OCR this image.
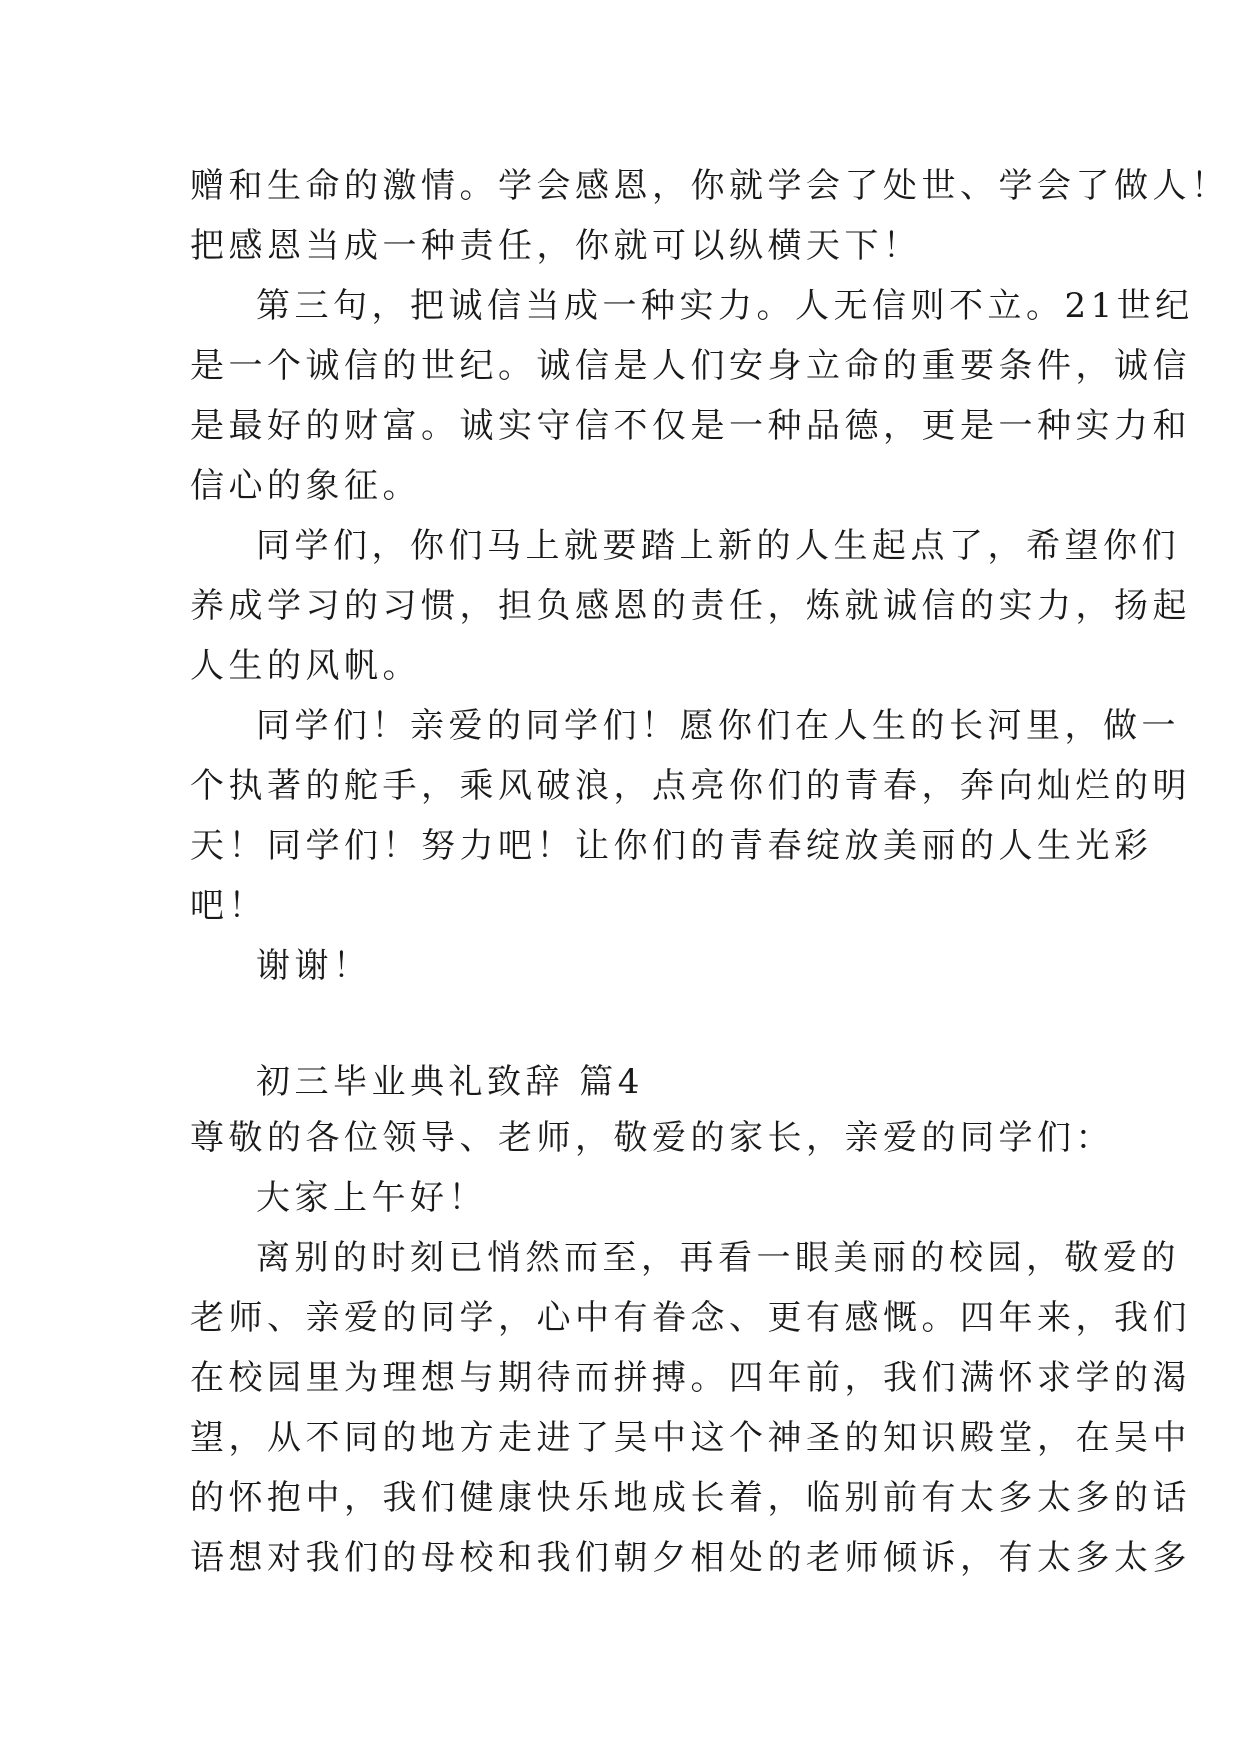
赠和生命的激情。学会感恩，你就学会了处世、学会了做人！
把感恩当成一种责任，你就可以纵横天下！
第三句，把诚信当成一种实力。人无信则不立。21世纪
是一个诚信的世纪。诚信是人们安身立命的重要条件，诚信
是最好的财富。诚实守信不仅是一种品德，更是一种实力和
信心的象征。
同学们，你们马上就要踏上新的人生起点了，希望你们
养成学习的习惯，担负感恩的责任，炼就诚信的实力，扬起
人生的风帆。
同学们！亲爱的同学们！愿你们在人生的长河里，做一
个执著的舵手，乘风破浪，点亮你们的青春，奔向灿烂的明
天！同学们！努力吧！让你们的青春绽放美丽的人生光彩
吧！
谢谢！
初三毕业典礼致辞 篇4
尊敬的各位领导、老师，敬爱的家长，亲爱的同学们：
大家上午好！
离别的时刻已悄然而至，再看一眼美丽的校园，敬爱的
老师、亲爱的同学，心中有眷念、更有感慨。四年来，我们
在校园里为理想与期待而拼搏。四年前，我们满怀求学的渴
望，从不同的地方走进了吴中这个神圣的知识殿堂，在吴中
的怀抱中，我们健康快乐地成长着，临别前有太多太多的话
语想对我们的母校和我们朝夕相处的老师倾诉，有太多太多
